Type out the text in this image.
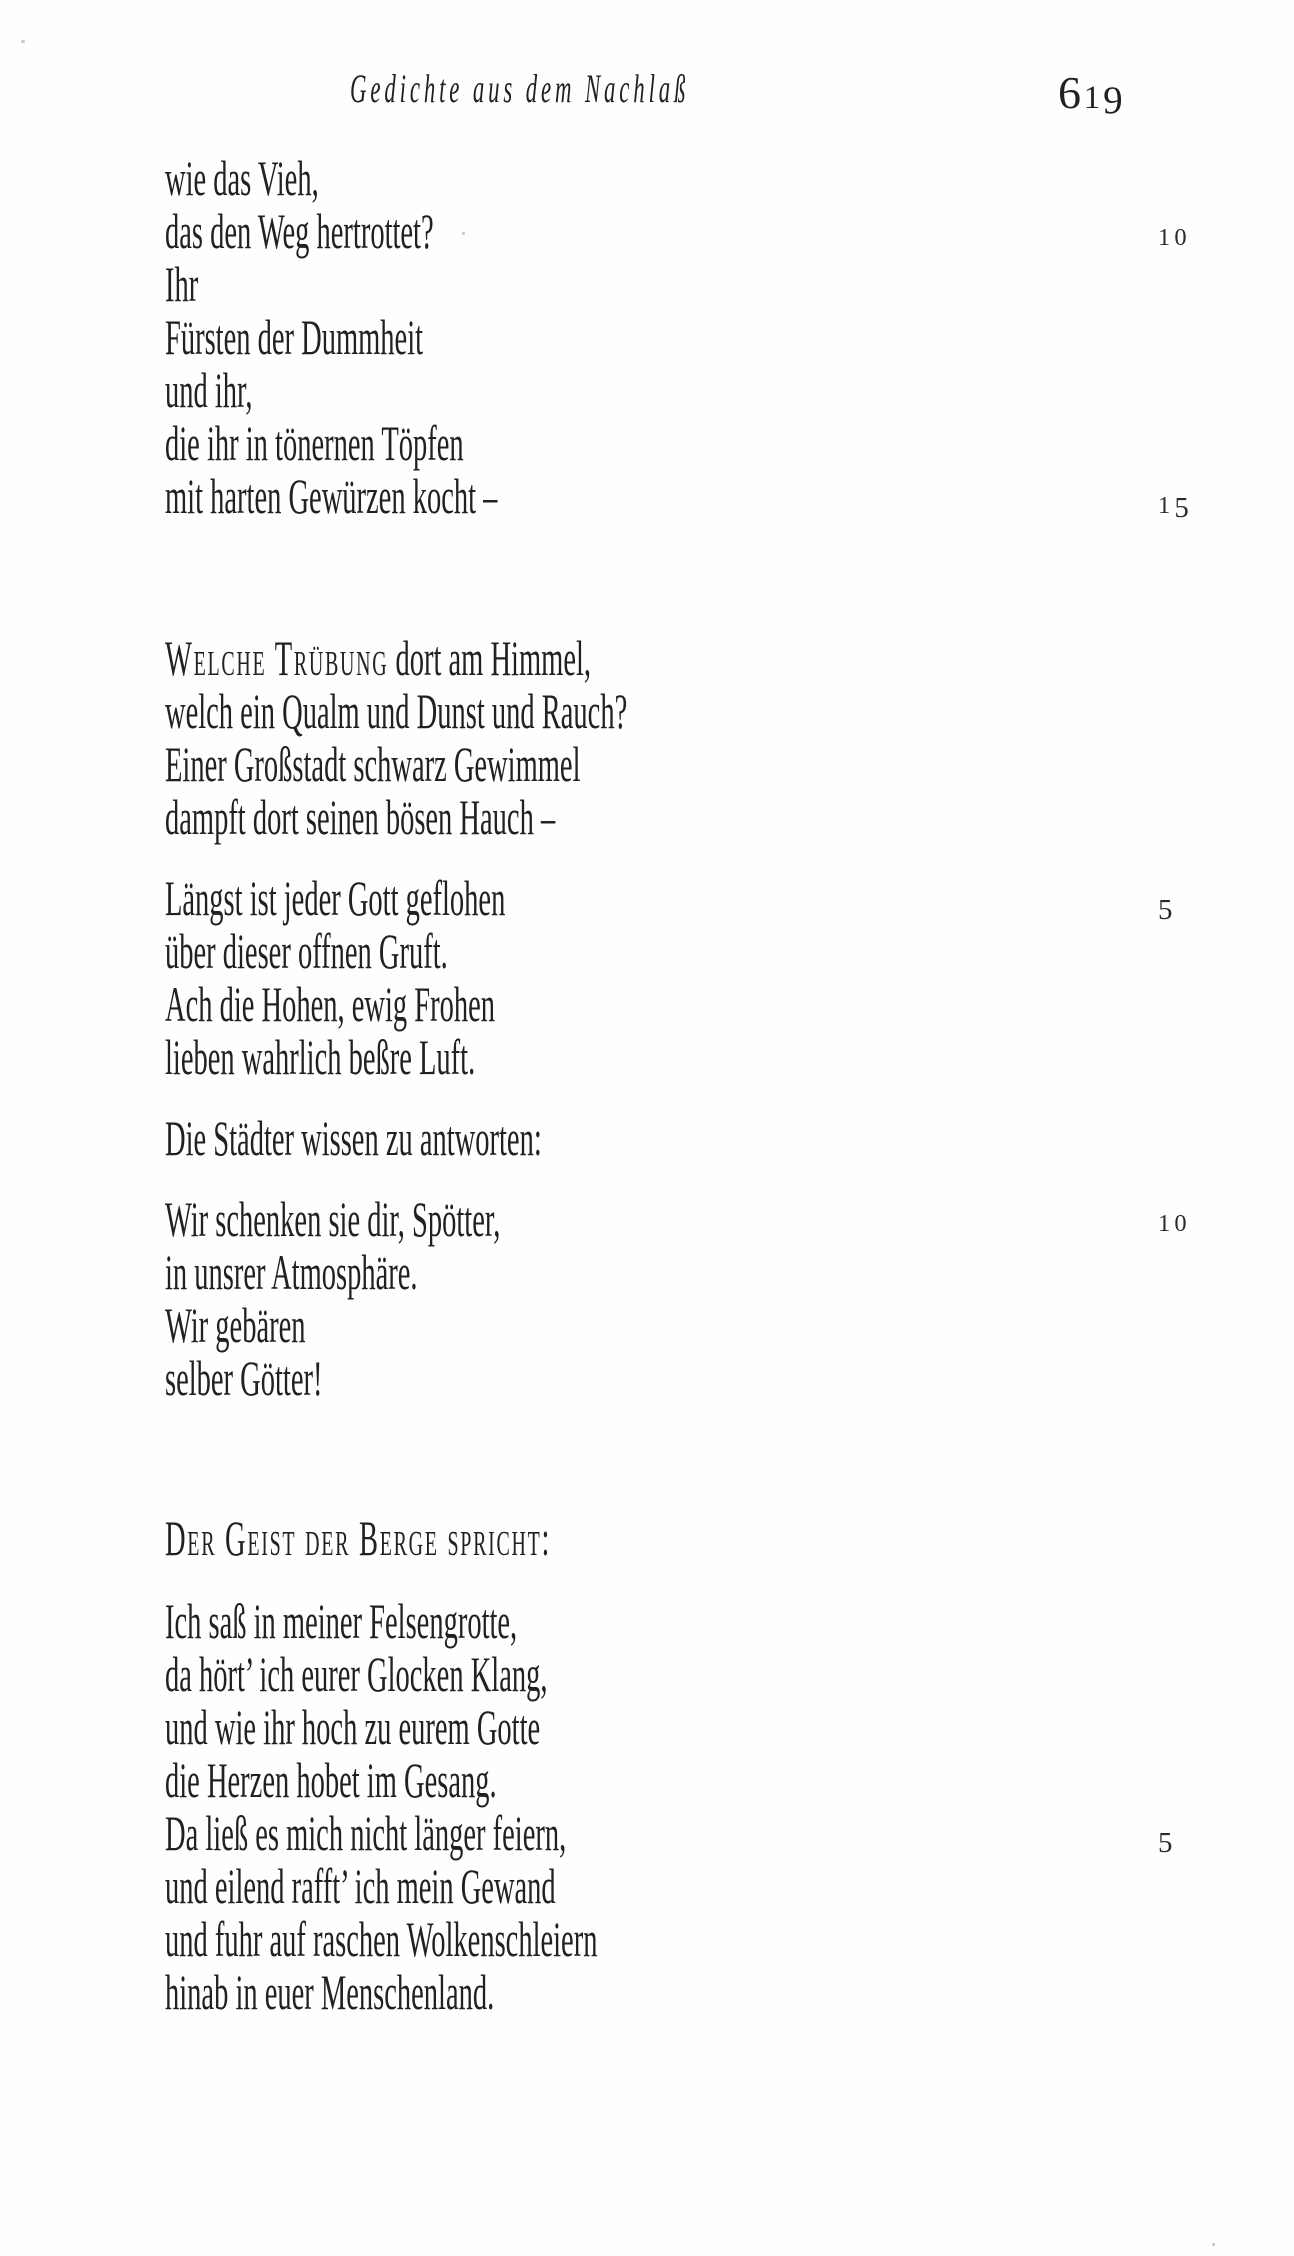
Gedichte aus dem Nachlaß	619
wie das Vieh,
das den Weg hertrottet?
Ihr
Fürsten der Dummheit
und ihr,
die ihr in tönernen Töpfen
mit harten Gewürzen kocht –
Welche Trübung dort am Himmel,
welch ein Qualm und Dunst und Rauch?
Einer Großstadt schwarz Gewimmel
dampft dort seinen bösen Hauch –
Längst ist jeder Gott geflohen
über dieser offnen Gruft.
Ach die Hohen, ewig Frohen
lieben wahrlich beßre Luft.
Die Städter wissen zu antworten:
Wir schenken sie dir, Spötter,
in unsrer Atmosphäre.
Wir gebären
selber Götter!
Der Geist der Berge spricht:
Ich saß in meiner Felsengrotte,
da hört’ ich eurer Glocken Klang,
und wie ihr hoch zu eurem Gotte
die Herzen hobet im Gesang.
Da ließ es mich nicht länger feiern,
und eilend rafft’ ich mein Gewand
und fuhr auf raschen Wolkenschleiern
hinab in euer Menschenland.
10
15
5
10
5
